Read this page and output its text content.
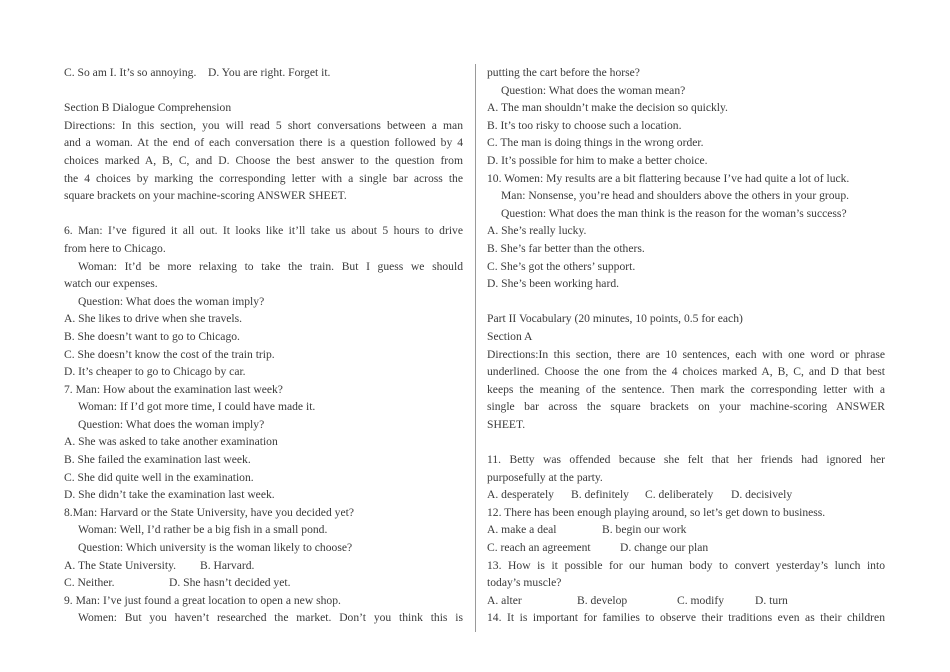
C. So am I. It’s so annoying. D. You are right. Forget it.
Section B Dialogue Comprehension
Directions: In this section, you will read 5 short conversations between a man
and a woman. At the end of each conversation there is a question followed by 4
choices marked A, B, C, and D. Choose the best answer to the question from
the 4 choices by marking the corresponding letter with a single bar across the
square brackets on your machine-scoring ANSWER SHEET.
6. Man: I’ve figured it all out. It looks like it’ll take us about 5 hours to drive
from here to Chicago.
Woman: It’d be more relaxing to take the train. But I guess we should
watch our expenses.
Question: What does the woman imply?
A. She likes to drive when she travels.
B. She doesn’t want to go to Chicago.
C. She doesn’t know the cost of the train trip.
D. It’s cheaper to go to Chicago by car.
7. Man: How about the examination last week?
Woman: If I’d got more time, I could have made it.
Question: What does the woman imply?
A. She was asked to take another examination
B. She failed the examination last week.
C. She did quite well in the examination.
D. She didn’t take the examination last week.
8.Man: Harvard or the State University, have you decided yet?
Woman: Well, I’d rather be a big fish in a small pond.
Question: Which university is the woman likely to choose?
A. The State University. B. Harvard.
C. Neither.	D. She hasn’t decided yet.
9. Man: I’ve just found a great location to open a new shop.
Women: But you haven’t researched the market. Don’t you think this is
putting the cart before the horse?
Question: What does the woman mean?
A. The man shouldn’t make the decision so quickly.
B. It’s too risky to choose such a location.
C. The man is doing things in the wrong order.
D. It’s possible for him to make a better choice.
10. Women: My results are a bit flattering because I’ve had quite a lot of luck.
Man: Nonsense, you’re head and shoulders above the others in your group.
Question: What does the man think is the reason for the woman’s success?
A. She’s really lucky.
B. She’s far better than the others.
C. She’s got the others’ support.
D. She’s been working hard.
Part II Vocabulary (20 minutes, 10 points, 0.5 for each)
Section A
Directions:In this section, there are 10 sentences, each with one word or phrase
underlined. Choose the one from the 4 choices marked A, B, C, and D that best
keeps the meaning of the sentence. Then mark the corresponding letter with a
single bar across the square brackets on your machine-scoring ANSWER
SHEET.
11. Betty was offended because she felt that her friends had ignored her
purposefully at the party.
A. desperately B. definitely C. deliberately D. decisively
12. There has been enough playing around, so let’s get down to business.
A. make a deal	B. begin our work
C. reach an agreement	D. change our plan
13. How is it possible for our human body to convert yesterday’s lunch into
today’s muscle?
A. alter	B. develop	C. modify	D. turn
14. It is important for families to observe their traditions even as their children
